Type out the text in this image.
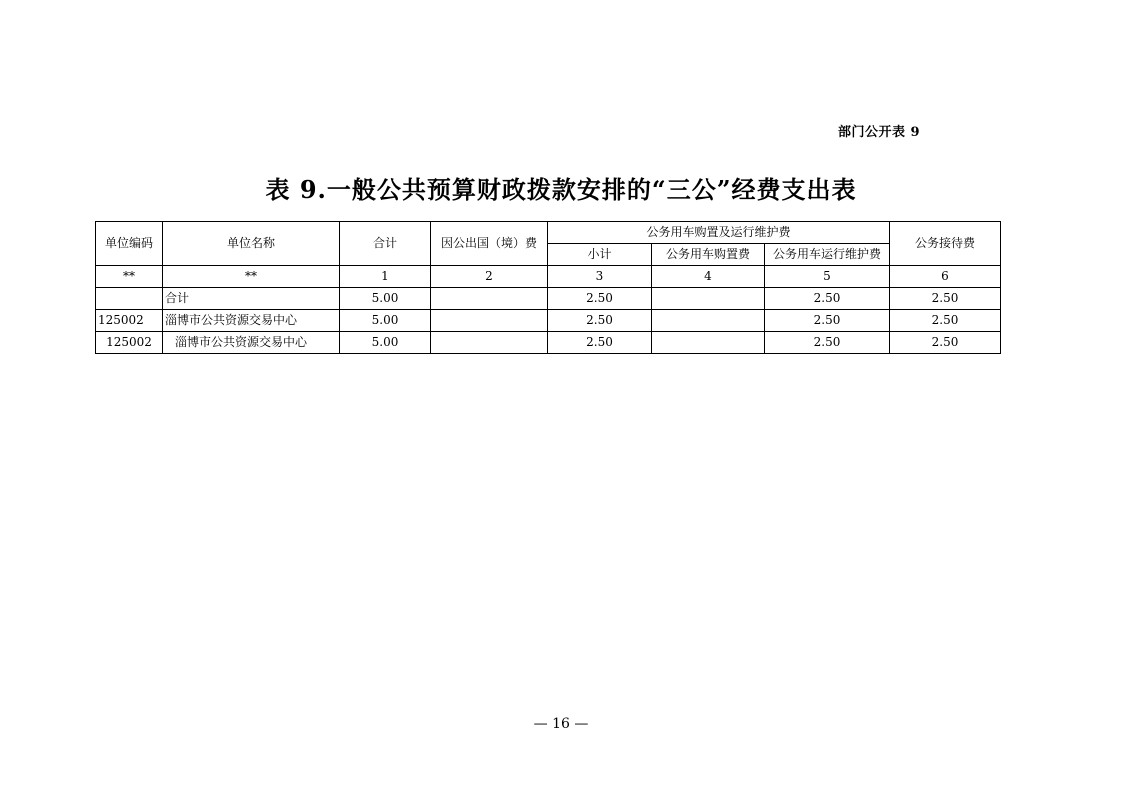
部门公开表 9
表 9.一般公共预算财政拨款安排的“三公”经费支出表
单位编码	单位名称	合计	因公出国（境）费	公务用车购置及运行维护费			公务接待费
				小计	公务用车购置费	公务用车运行维护费	
**	**	1	2	3	4	5	6
	合计	5.00		2.50		2.50	2.50
125002	淄博市公共资源交易中心	5.00		2.50		2.50	2.50
125002	淄博市公共资源交易中心	5.00		2.50		2.50	2.50
— 16 —
